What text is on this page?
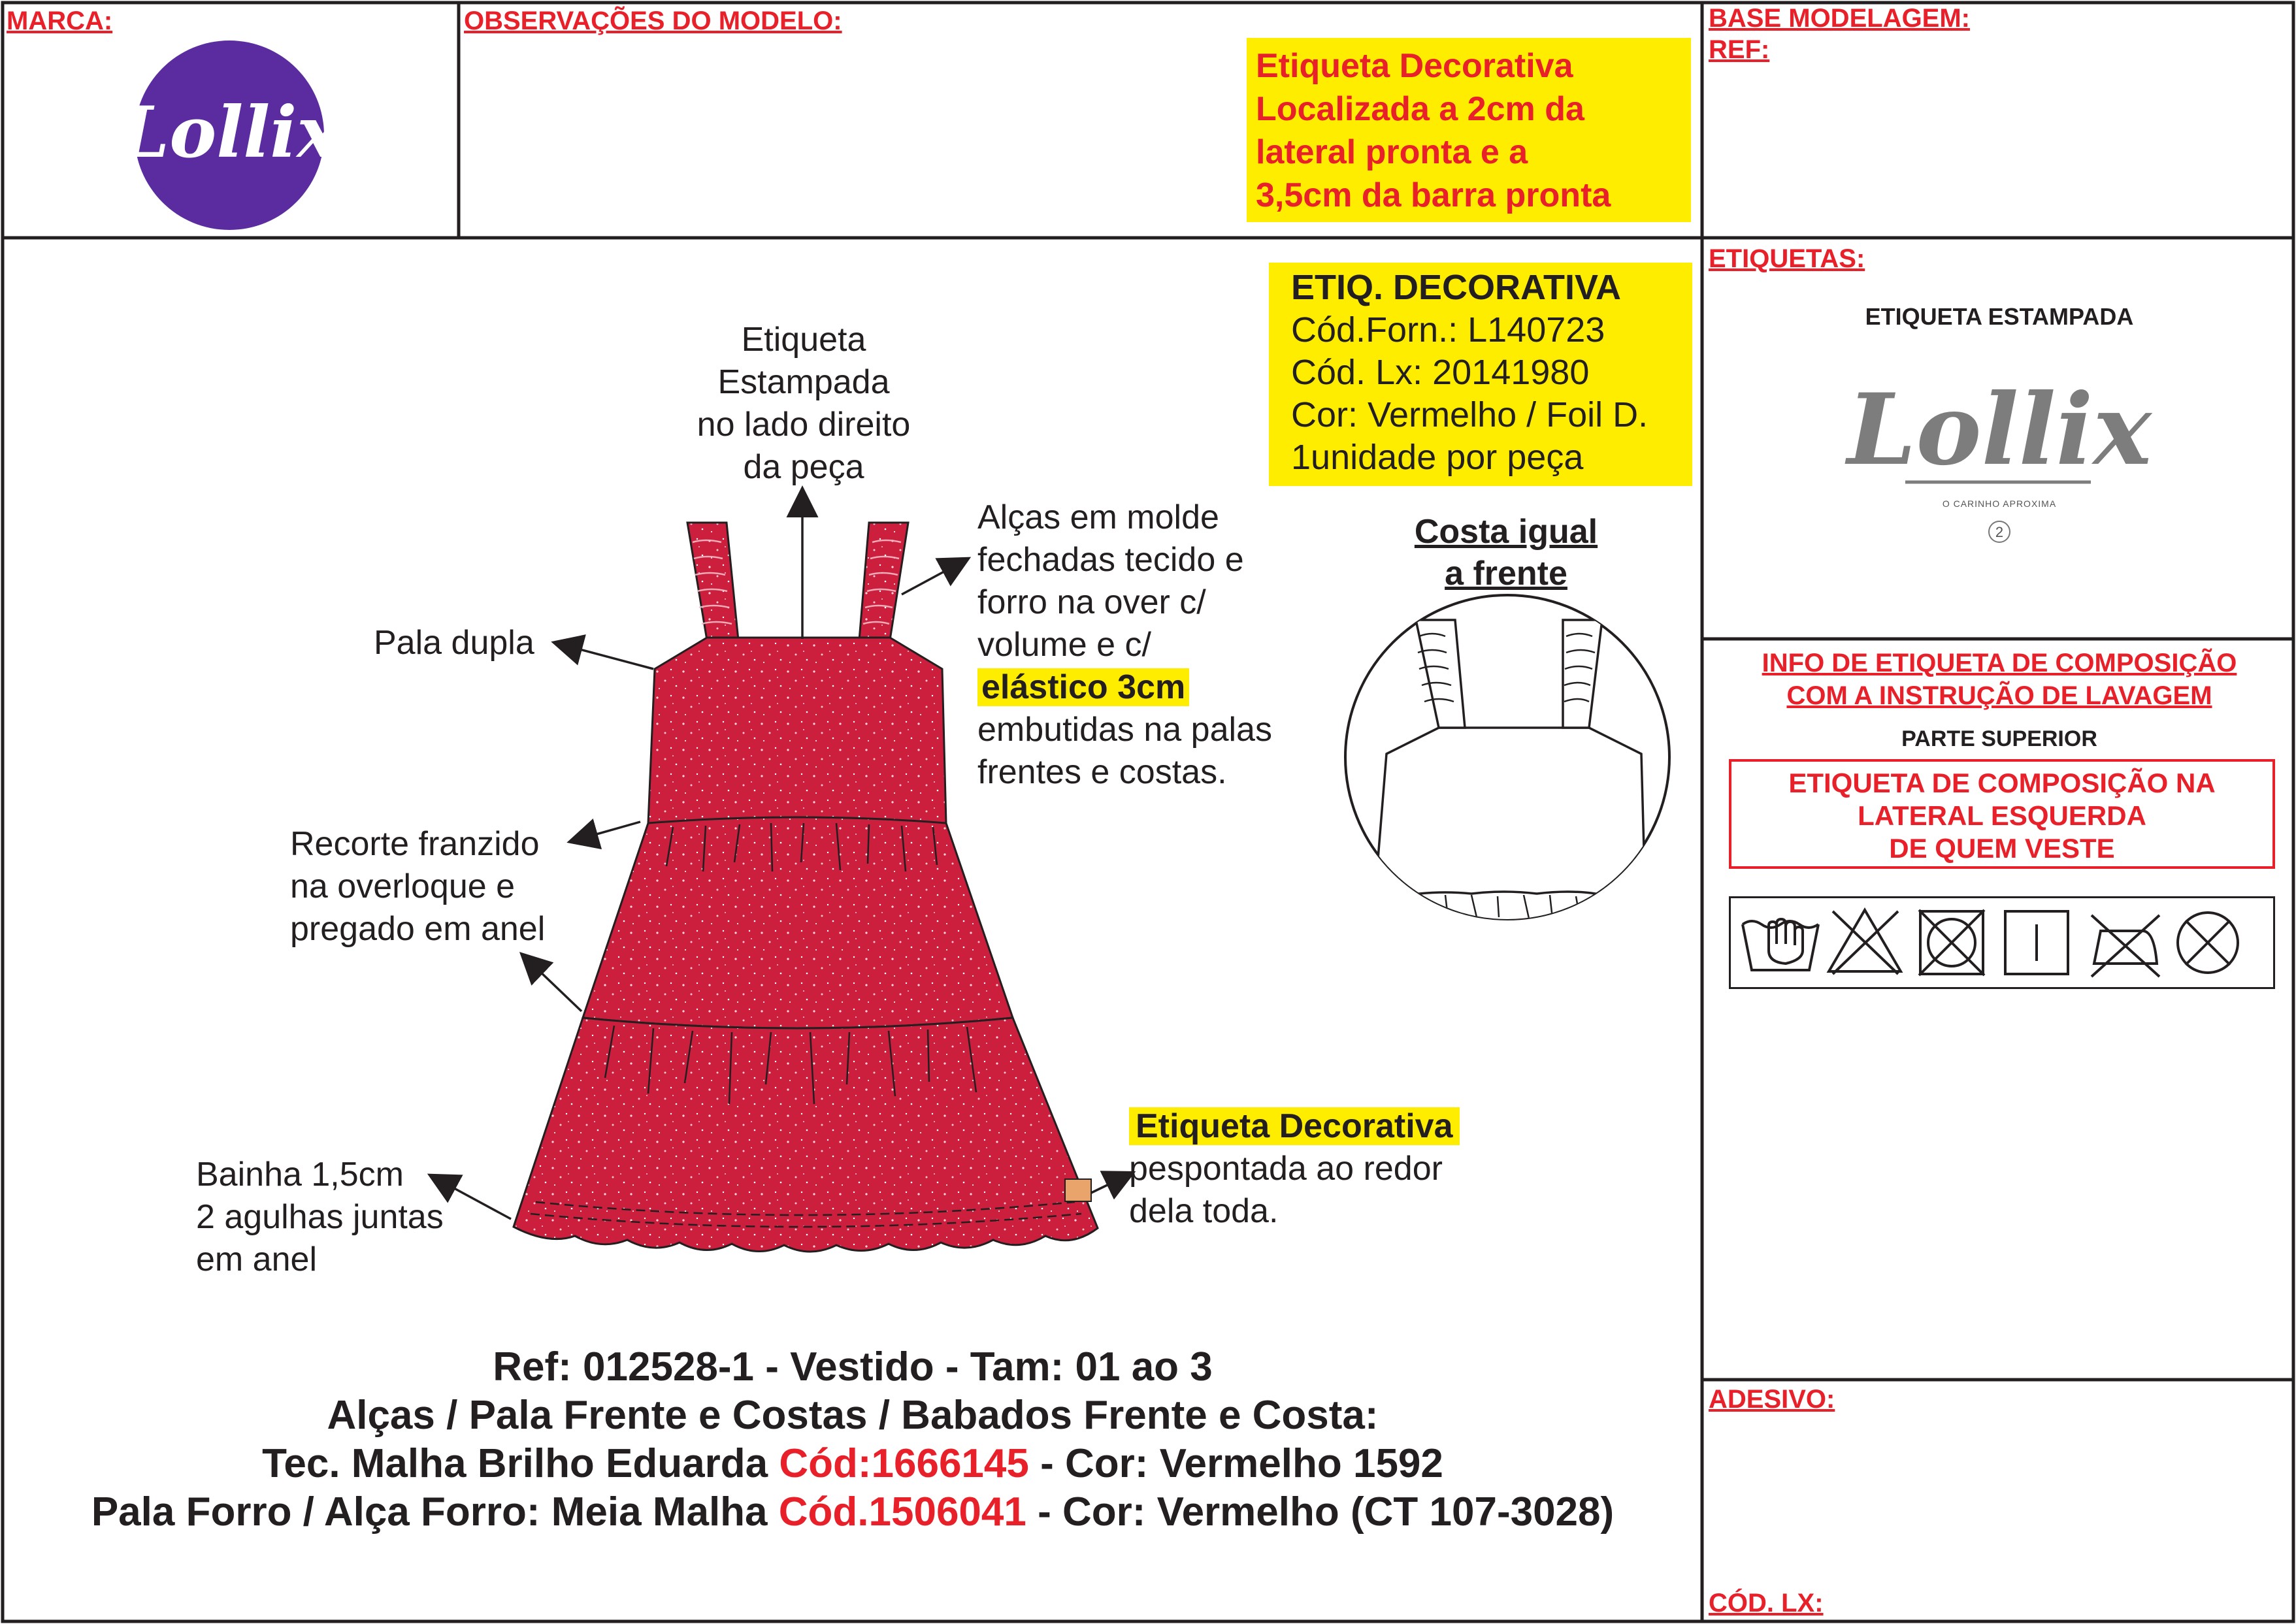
MARCA:	OBSERVAÇÕES DO MODELO:	BASE MODELAGEM:
REF:
Lollix
Etiqueta Decorativa
Localizada a 2cm da
lateral pronta e a
3,5cm da barra pronta
ETIQ. DECORATIVA
Cód.Forn.: L140723
Cód. Lx: 20141980
Cor: Vermelho / Foil D.
1unidade por peça
Costa igual
a frente
Etiqueta
Estampada
no lado direito
da peça
Alças em molde
fechadas tecido e
forro na over c/
volume e c/
elástico 3cm
embutidas na palas
frentes e costas.
Pala dupla
Recorte franzido
na overloque e
pregado em anel
Bainha 1,5cm
2 agulhas juntas
em anel
Etiqueta Decorativa
pespontada ao redor
dela toda.
Ref: 012528-1 - Vestido - Tam: 01 ao 3
Alças / Pala Frente e Costas / Babados Frente e Costa:
Tec. Malha Brilho Eduarda Cód:1666145 - Cor: Vermelho 1592
Pala Forro / Alça Forro: Meia Malha Cód.1506041 - Cor: Vermelho (CT 107-3028)
ETIQUETAS:
ETIQUETA ESTAMPADA
Lollix
O CARINHO APROXIMA
2
INFO DE ETIQUETA DE COMPOSIÇÃO
COM A INSTRUÇÃO DE LAVAGEM
PARTE SUPERIOR
ETIQUETA DE COMPOSIÇÃO NA
LATERAL ESQUERDA
DE QUEM VESTE
ADESIVO:
CÓD. LX:
